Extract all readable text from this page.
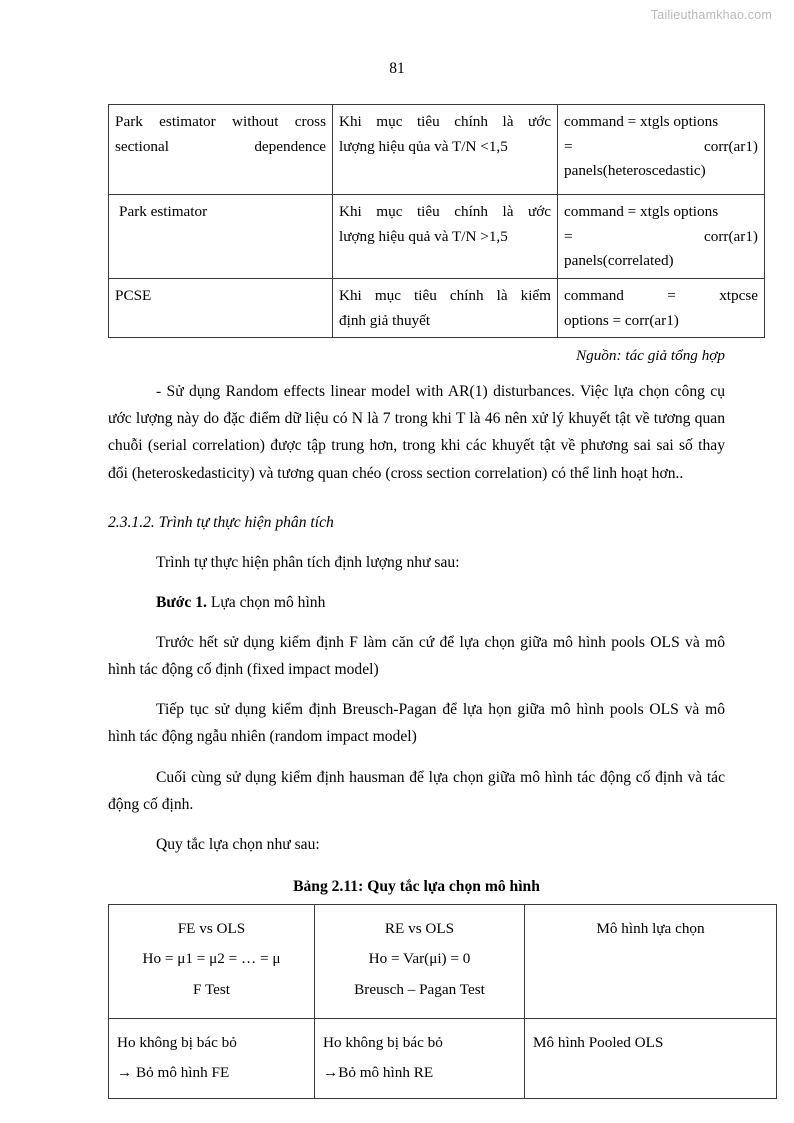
Tailieuthamkhao.com
81
Park estimator without cross sectional dependence	Khi mục tiêu chính là ước
lượng hiệu qủa và T/N <1,5	command = xtgls options
= corr(ar1)
panels(heteroscedastic)

Park estimator	Khi mục tiêu chính là ước
lượng hiệu quả và T/N >1,5	command = xtgls options
= corr(ar1)
panels(correlated)

PCSE	Khi mục tiêu chính là kiểm
định giả thuyết	command = xtpcse
options = corr(ar1)
Nguồn: tác giả tổng hợp

- Sử dụng Random effects linear model with AR(1) disturbances. Việc lựa chọn công cụ ước lượng này do đặc điểm dữ liệu có N là 7 trong khi T là 46 nên xử lý khuyết tật về tương quan chuỗi (serial correlation) được tập trung hơn, trong khi các khuyết tật về phương sai sai số thay đổi (heteroskedasticity) và tương quan chéo (cross section correlation) có thể linh hoạt hơn..

2.3.1.2. Trình tự thực hiện phân tích

Trình tự thực hiện phân tích định lượng như sau:

Bước 1. Lựa chọn mô hình

Trước hết sử dụng kiểm định F làm căn cứ để lựa chọn giữa mô hình pools OLS và mô hình tác động cố định (fixed impact model)

Tiếp tục sử dụng kiểm định Breusch-Pagan để lựa họn giữa mô hình pools OLS và mô hình tác động ngẫu nhiên (random impact model)

Cuối cùng sử dụng kiểm định hausman để lựa chọn giữa mô hình tác động cố định và tác động cố định.

Quy tắc lựa chọn như sau:

Bảng 2.11: Quy tắc lựa chọn mô hình
FE vs OLS
Ho = μ1 = μ2 = … = μ
F Test	RE vs OLS
Ho = Var(μi) = 0
Breusch – Pagan Test	Mô hình lựa chọn

Ho không bị bác bỏ
→ Bỏ mô hình FE	Ho không bị bác bỏ
→Bỏ mô hình RE	Mô hình Pooled OLS
